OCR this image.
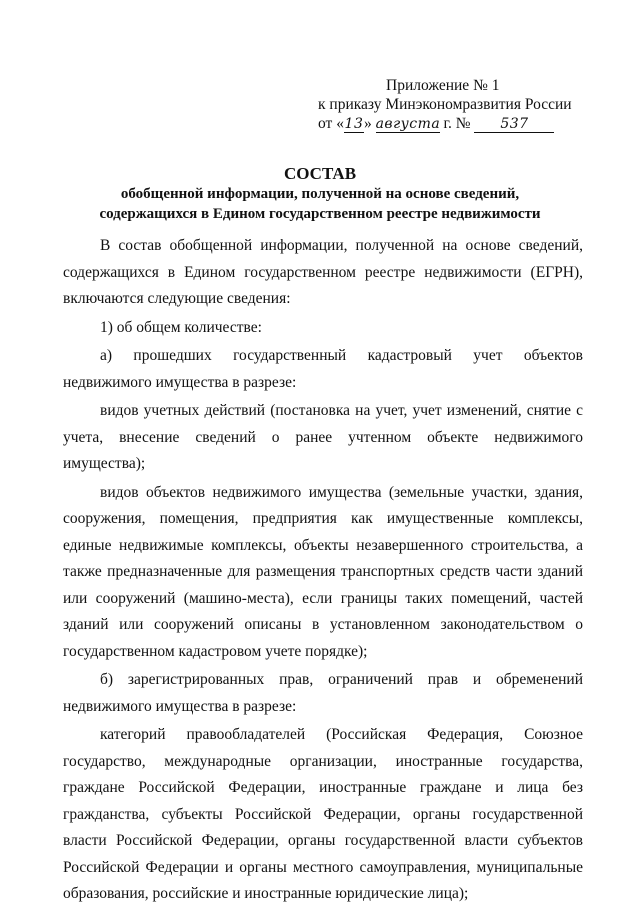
Приложение № 1
к приказу Минэкономразвития России
от «13» августа г. № 537
СОСТАВ
обобщенной информации, полученной на основе сведений,
содержащихся в Едином государственном реестре недвижимости

В состав обобщенной информации, полученной на основе сведений, содержащихся в Едином государственном реестре недвижимости (ЕГРН), включаются следующие сведения:

1) об общем количестве:

а) прошедших государственный кадастровый учет объектов недвижимого имущества в разрезе:

видов учетных действий (постановка на учет, учет изменений, снятие с учета, внесение сведений о ранее учтенном объекте недвижимого имущества);

видов объектов недвижимого имущества (земельные участки, здания, сооружения, помещения, предприятия как имущественные комплексы, единые недвижимые комплексы, объекты незавершенного строительства, а также предназначенные для размещения транспортных средств части зданий или сооружений (машино-места), если границы таких помещений, частей зданий или сооружений описаны в установленном законодательством о государственном кадастровом учете порядке);

б) зарегистрированных прав, ограничений прав и обременений недвижимого имущества в разрезе:

категорий правообладателей (Российская Федерация, Союзное государство, международные организации, иностранные государства, граждане Российской Федерации, иностранные граждане и лица без гражданства, субъекты Российской Федерации, органы государственной власти Российской Федерации, органы государственной власти субъектов Российской Федерации и органы местного самоуправления, муниципальные образования, российские и иностранные юридические лица);
